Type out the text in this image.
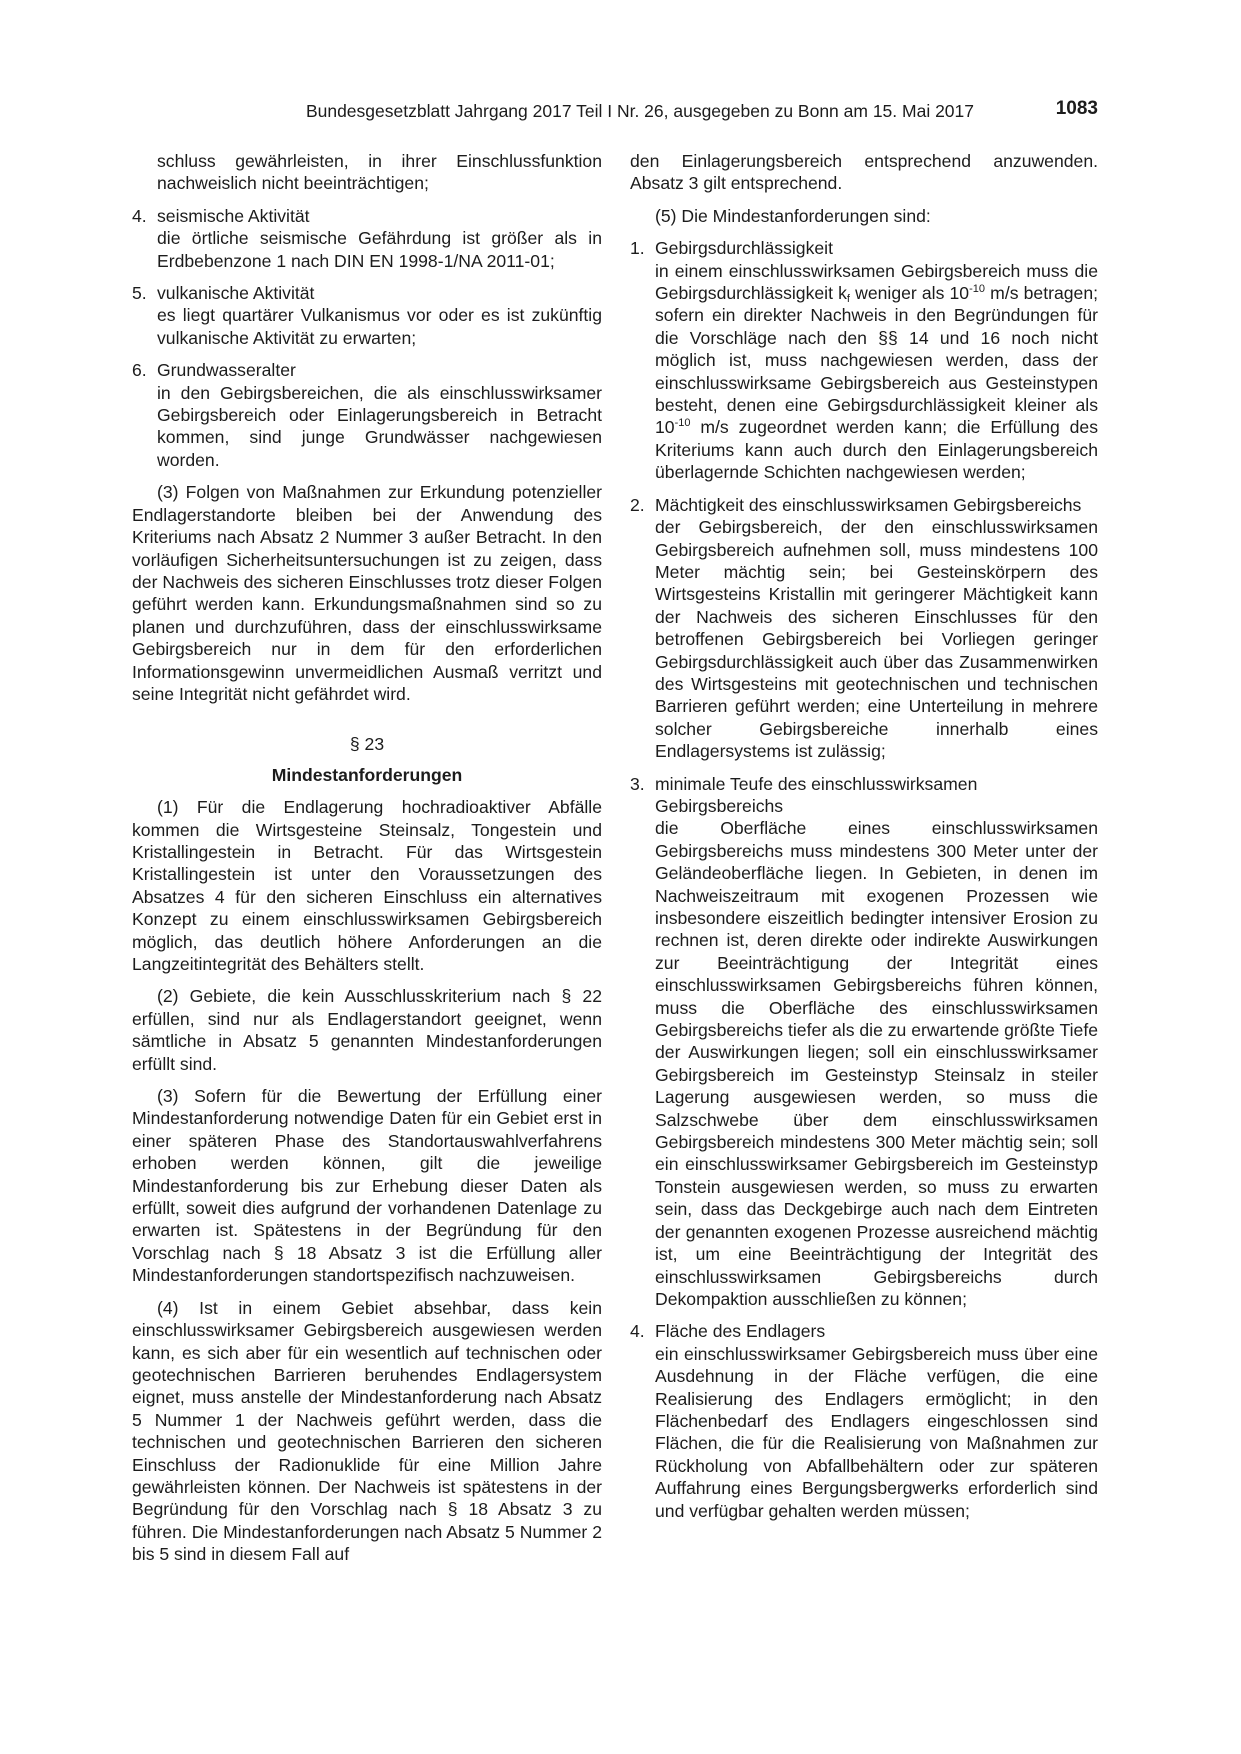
Bundesgesetzblatt Jahrgang 2017 Teil I Nr. 26, ausgegeben zu Bonn am 15. Mai 2017	1083

schluss gewährleisten, in ihrer Einschlussfunktion nachweislich nicht beeinträchtigen;

4. seismische Aktivität

die örtliche seismische Gefährdung ist größer als in Erdbebenzone 1 nach DIN EN 1998-1/NA 2011-01;

5. vulkanische Aktivität

es liegt quartärer Vulkanismus vor oder es ist zukünftig vulkanische Aktivität zu erwarten;

6. Grundwasseralter

in den Gebirgsbereichen, die als einschlusswirksamer Gebirgsbereich oder Einlagerungsbereich in Betracht kommen, sind junge Grundwässer nachgewiesen worden.

(3) Folgen von Maßnahmen zur Erkundung potenzieller Endlagerstandorte bleiben bei der Anwendung des Kriteriums nach Absatz 2 Nummer 3 außer Betracht. In den vorläufigen Sicherheitsuntersuchungen ist zu zeigen, dass der Nachweis des sicheren Einschlusses trotz dieser Folgen geführt werden kann. Erkundungsmaßnahmen sind so zu planen und durchzuführen, dass der einschlusswirksame Gebirgsbereich nur in dem für den erforderlichen Informationsgewinn unvermeidlichen Ausmaß verritzt und seine Integrität nicht gefährdet wird.

§ 23
Mindestanforderungen

(1) Für die Endlagerung hochradioaktiver Abfälle kommen die Wirtsgesteine Steinsalz, Tongestein und Kristallingestein in Betracht. Für das Wirtsgestein Kristallingestein ist unter den Voraussetzungen des Absatzes 4 für den sicheren Einschluss ein alternatives Konzept zu einem einschlusswirksamen Gebirgsbereich möglich, das deutlich höhere Anforderungen an die Langzeitintegrität des Behälters stellt.

(2) Gebiete, die kein Ausschlusskriterium nach § 22 erfüllen, sind nur als Endlagerstandort geeignet, wenn sämtliche in Absatz 5 genannten Mindestanforderungen erfüllt sind.

(3) Sofern für die Bewertung der Erfüllung einer Mindestanforderung notwendige Daten für ein Gebiet erst in einer späteren Phase des Standortauswahlverfahrens erhoben werden können, gilt die jeweilige Mindestanforderung bis zur Erhebung dieser Daten als erfüllt, soweit dies aufgrund der vorhandenen Datenlage zu erwarten ist. Spätestens in der Begründung für den Vorschlag nach § 18 Absatz 3 ist die Erfüllung aller Mindestanforderungen standortspezifisch nachzuweisen.

(4) Ist in einem Gebiet absehbar, dass kein einschlusswirksamer Gebirgsbereich ausgewiesen werden kann, es sich aber für ein wesentlich auf technischen oder geotechnischen Barrieren beruhendes Endlagersystem eignet, muss anstelle der Mindestanforderung nach Absatz 5 Nummer 1 der Nachweis geführt werden, dass die technischen und geotechnischen Barrieren den sicheren Einschluss der Radionuklide für eine Million Jahre gewährleisten können. Der Nachweis ist spätestens in der Begründung für den Vorschlag nach § 18 Absatz 3 zu führen. Die Mindestanforderungen nach Absatz 5 Nummer 2 bis 5 sind in diesem Fall auf

den Einlagerungsbereich entsprechend anzuwenden. Absatz 3 gilt entsprechend.

(5) Die Mindestanforderungen sind:

1. Gebirgsdurchlässigkeit

in einem einschlusswirksamen Gebirgsbereich muss die Gebirgsdurchlässigkeit $k_f$ weniger als $10^{-10}$ m/s betragen; sofern ein direkter Nachweis in den Begründungen für die Vorschläge nach den §§ 14 und 16 noch nicht möglich ist, muss nachgewiesen werden, dass der einschlusswirksame Gebirgsbereich aus Gesteinstypen besteht, denen eine Gebirgsdurchlässigkeit kleiner als $10^{-10}$ m/s zugeordnet werden kann; die Erfüllung des Kriteriums kann auch durch den Einlagerungsbereich überlagernde Schichten nachgewiesen werden;

2. Mächtigkeit des einschlusswirksamen Gebirgsbereichs

der Gebirgsbereich, der den einschlusswirksamen Gebirgsbereich aufnehmen soll, muss mindestens 100 Meter mächtig sein; bei Gesteinskörpern des Wirtsgesteins Kristallin mit geringerer Mächtigkeit kann der Nachweis des sicheren Einschlusses für den betroffenen Gebirgsbereich bei Vorliegen geringer Gebirgsdurchlässigkeit auch über das Zusammenwirken des Wirtsgesteins mit geotechnischen und technischen Barrieren geführt werden; eine Unterteilung in mehrere solcher Gebirgsbereiche innerhalb eines Endlagersystems ist zulässig;

3. minimale Teufe des einschlusswirksamen Gebirgsbereichs

die Oberfläche eines einschlusswirksamen Gebirgsbereichs muss mindestens 300 Meter unter der Geländeoberfläche liegen. In Gebieten, in denen im Nachweiszeitraum mit exogenen Prozessen wie insbesondere eiszeitlich bedingter intensiver Erosion zu rechnen ist, deren direkte oder indirekte Auswirkungen zur Beeinträchtigung der Integrität eines einschlusswirksamen Gebirgsbereichs führen können, muss die Oberfläche des einschlusswirksamen Gebirgsbereichs tiefer als die zu erwartende größte Tiefe der Auswirkungen liegen; soll ein einschlusswirksamer Gebirgsbereich im Gesteinstyp Steinsalz in steiler Lagerung ausgewiesen werden, so muss die Salzschwebe über dem einschlusswirksamen Gebirgsbereich mindestens 300 Meter mächtig sein; soll ein einschlusswirksamer Gebirgsbereich im Gesteinstyp Tonstein ausgewiesen werden, so muss zu erwarten sein, dass das Deckgebirge auch nach dem Eintreten der genannten exogenen Prozesse ausreichend mächtig ist, um eine Beeinträchtigung der Integrität des einschlusswirksamen Gebirgsbereichs durch Dekompaktion ausschließen zu können;

4. Fläche des Endlagers

ein einschlusswirksamer Gebirgsbereich muss über eine Ausdehnung in der Fläche verfügen, die eine Realisierung des Endlagers ermöglicht; in den Flächenbedarf des Endlagers eingeschlossen sind Flächen, die für die Realisierung von Maßnahmen zur Rückholung von Abfallbehältern oder zur späteren Auffahrung eines Bergungsbergwerks erforderlich sind und verfügbar gehalten werden müssen;
